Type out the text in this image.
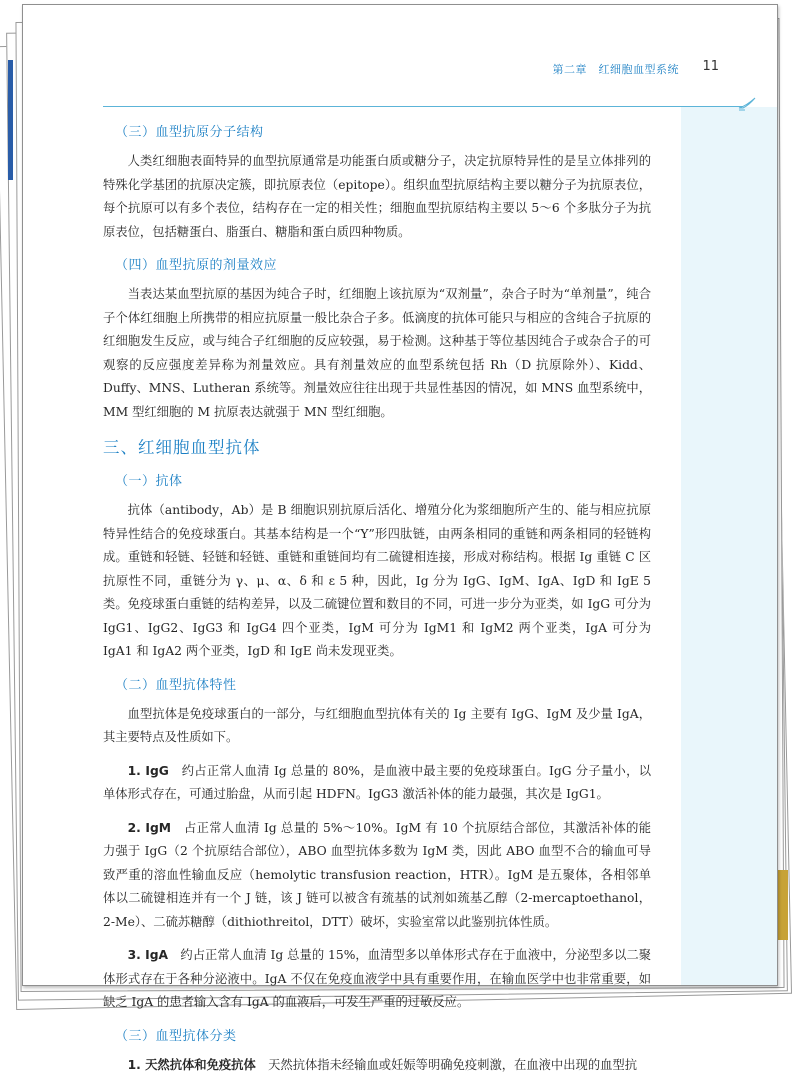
第二章　红细胞血型系统 11
（三）血型抗原分子结构

人类红细胞表面特异的血型抗原通常是功能蛋白质或糖分子，决定抗原特异性的是呈立体排列的特殊化学基团的抗原决定簇，即抗原表位（epitope）。组织血型抗原结构主要以糖分子为抗原表位，每个抗原可以有多个表位，结构存在一定的相关性；细胞血型抗原结构主要以 5～6 个多肽分子为抗原表位，包括糖蛋白、脂蛋白、糖脂和蛋白质四种物质。

（四）血型抗原的剂量效应

当表达某血型抗原的基因为纯合子时，红细胞上该抗原为“双剂量”，杂合子时为“单剂量”，纯合子个体红细胞上所携带的相应抗原量一般比杂合子多。低滴度的抗体可能只与相应的含纯合子抗原的红细胞发生反应，或与纯合子红细胞的反应较强，易于检测。这种基于等位基因纯合子或杂合子的可观察的反应强度差异称为剂量效应。具有剂量效应的血型系统包括 Rh（D 抗原除外）、Kidd、Duffy、MNS、Lutheran 系统等。剂量效应往往出现于共显性基因的情况，如 MNS 血型系统中，MM 型红细胞的 M 抗原表达就强于 MN 型红细胞。

三、红细胞血型抗体
（一）抗体

抗体（antibody，Ab）是 B 细胞识别抗原后活化、增殖分化为浆细胞所产生的、能与相应抗原特异性结合的免疫球蛋白。其基本结构是一个“Y”形四肽链，由两条相同的重链和两条相同的轻链构成。重链和轻链、轻链和轻链、重链和重链间均有二硫键相连接，形成对称结构。根据 Ig 重链 C 区抗原性不同，重链分为 γ、μ、α、δ 和 ε 5 种，因此，Ig 分为 IgG、IgM、IgA、IgD 和 IgE 5 类。免疫球蛋白重链的结构差异，以及二硫键位置和数目的不同，可进一步分为亚类，如 IgG 可分为 IgG1、IgG2、IgG3 和 IgG4 四个亚类，IgM 可分为 IgM1 和 IgM2 两个亚类，IgA 可分为 IgA1 和 IgA2 两个亚类，IgD 和 IgE 尚未发现亚类。

（二）血型抗体特性

血型抗体是免疫球蛋白的一部分，与红细胞血型抗体有关的 Ig 主要有 IgG、IgM 及少量 IgA，其主要特点及性质如下。

1. IgG　 约占正常人血清 Ig 总量的 80%，是血液中最主要的免疫球蛋白。IgG 分子量小，以单体形式存在，可通过胎盘，从而引起 HDFN。IgG3 激活补体的能力最强，其次是 IgG1。

2. IgM　 占正常人血清 Ig 总量的 5%～10%。IgM 有 10 个抗原结合部位，其激活补体的能力强于 IgG（2 个抗原结合部位），ABO 血型抗体多数为 IgM 类，因此 ABO 血型不合的输血可导致严重的溶血性输血反应（hemolytic transfusion reaction，HTR）。IgM 是五聚体，各相邻单体以二硫键相连并有一个 J 链，该 J 链可以被含有巯基的试剂如巯基乙醇（2-mercaptoethanol，2-Me）、二硫苏糖醇（dithiothreitol，DTT）破坏，实验室常以此鉴别抗体性质。

3. IgA　 约占正常人血清 Ig 总量的 15%，血清型多以单体形式存在于血液中，分泌型多以二聚体形式存在于各种分泌液中。IgA 不仅在免疫血液学中具有重要作用，在输血医学中也非常重要，如缺乏 IgA 的患者输入含有 IgA 的血液后，可发生严重的过敏反应。

（三）血型抗体分类

1. 天然抗体和免疫抗体　 天然抗体指未经输血或妊娠等明确免疫刺激，在血液中出现的血型抗
